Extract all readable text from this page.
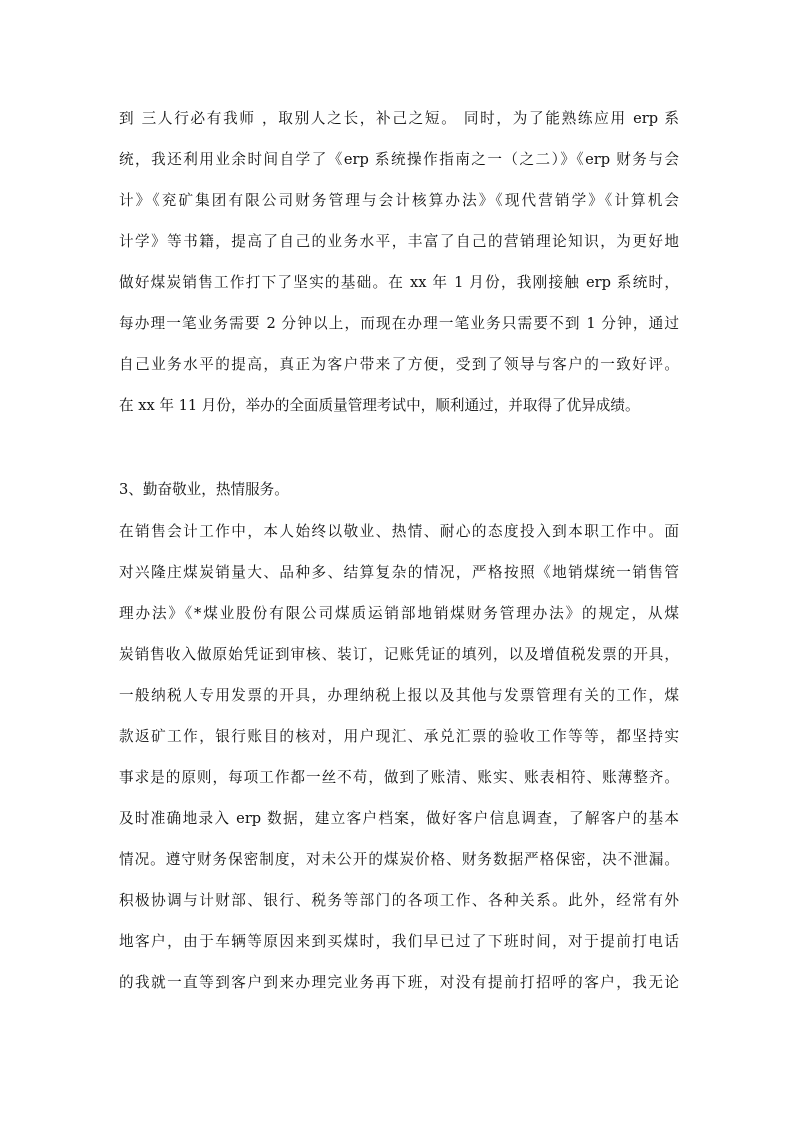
到 三人行必有我师 ，取别人之长，补己之短。 同时，为了能熟练应用 erp 系
统，我还利用业余时间自学了《erp 系统操作指南之一（之二）》《erp 财务与会
计》《兖矿集团有限公司财务管理与会计核算办法》《现代营销学》《计算机会
计学》等书籍，提高了自己的业务水平，丰富了自己的营销理论知识，为更好地
做好煤炭销售工作打下了坚实的基础。在 xx 年 1 月份，我刚接触 erp 系统时，
每办理一笔业务需要 2 分钟以上，而现在办理一笔业务只需要不到 1 分钟，通过
自己业务水平的提高，真正为客户带来了方便，受到了领导与客户的一致好评。
在 xx 年 11 月份，举办的全面质量管理考试中，顺利通过，并取得了优异成绩。
3、勤奋敬业，热情服务。
在销售会计工作中，本人始终以敬业、热情、耐心的态度投入到本职工作中。面
对兴隆庄煤炭销量大、品种多、结算复杂的情况，严格按照《地销煤统一销售管
理办法》《*煤业股份有限公司煤质运销部地销煤财务管理办法》的规定，从煤
炭销售收入做原始凭证到审核、装订，记账凭证的填列，以及增值税发票的开具，
一般纳税人专用发票的开具，办理纳税上报以及其他与发票管理有关的工作，煤
款返矿工作，银行账目的核对，用户现汇、承兑汇票的验收工作等等，都坚持实
事求是的原则，每项工作都一丝不苟，做到了账清、账实、账表相符、账薄整齐。
及时准确地录入 erp 数据，建立客户档案，做好客户信息调查，了解客户的基本
情况。遵守财务保密制度，对未公开的煤炭价格、财务数据严格保密，决不泄漏。
积极协调与计财部、银行、税务等部门的各项工作、各种关系。此外，经常有外
地客户，由于车辆等原因来到买煤时，我们早已过了下班时间，对于提前打电话
的我就一直等到客户到来办理完业务再下班，对没有提前打招呼的客户，我无论
